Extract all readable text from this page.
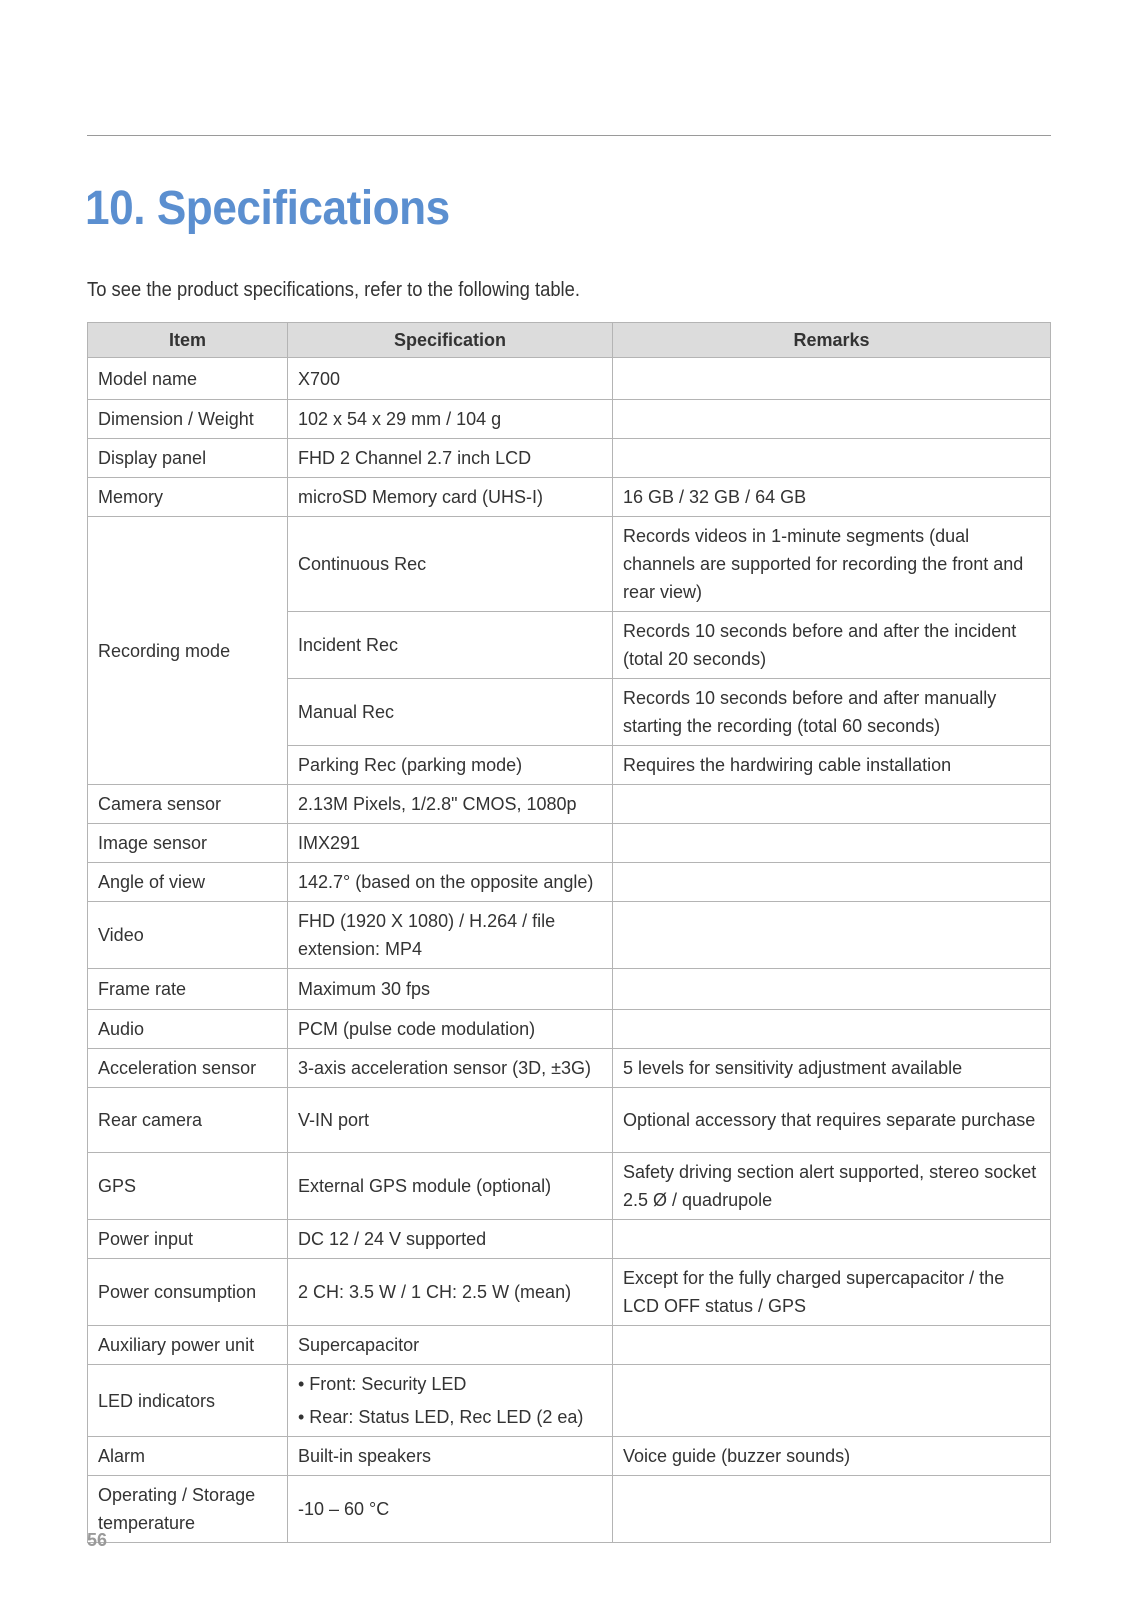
10. Specifications

To see the product specifications, refer to the following table.

Item	Specification	Remarks
Model name	X700	
Dimension / Weight	102 x 54 x 29 mm / 104 g	
Display panel	FHD 2 Channel 2.7 inch LCD	
Memory	microSD Memory card (UHS-I)	16 GB / 32 GB / 64 GB
Recording mode	Continuous Rec	Records videos in 1-minute segments (dual channels are supported for recording the front and rear view)
	Incident Rec	Records 10 seconds before and after the incident (total 20 seconds)
	Manual Rec	Records 10 seconds before and after manually starting the recording (total 60 seconds)
	Parking Rec (parking mode)	Requires the hardwiring cable installation
Camera sensor	2.13M Pixels, 1/2.8" CMOS, 1080p	
Image sensor	IMX291	
Angle of view	142.7° (based on the opposite angle)	
Video	FHD (1920 X 1080) / H.264 / file extension: MP4	
Frame rate	Maximum 30 fps	
Audio	PCM (pulse code modulation)	
Acceleration sensor	3-axis acceleration sensor (3D, ±3G)	5 levels for sensitivity adjustment available
Rear camera	V-IN port	Optional accessory that requires separate purchase
GPS	External GPS module (optional)	Safety driving section alert supported, stereo socket 2.5 Ø / quadrupole
Power input	DC 12 / 24 V supported	
Power consumption	2 CH: 3.5 W / 1 CH: 2.5 W (mean)	Except for the fully charged supercapacitor / the LCD OFF status / GPS
Auxiliary power unit	Supercapacitor	
LED indicators	• Front: Security LED
• Rear: Status LED, Rec LED (2 ea)	

Alarm	Built-in speakers	Voice guide (buzzer sounds)
Operating / Storage temperature	-10 – 60 °C	
56
